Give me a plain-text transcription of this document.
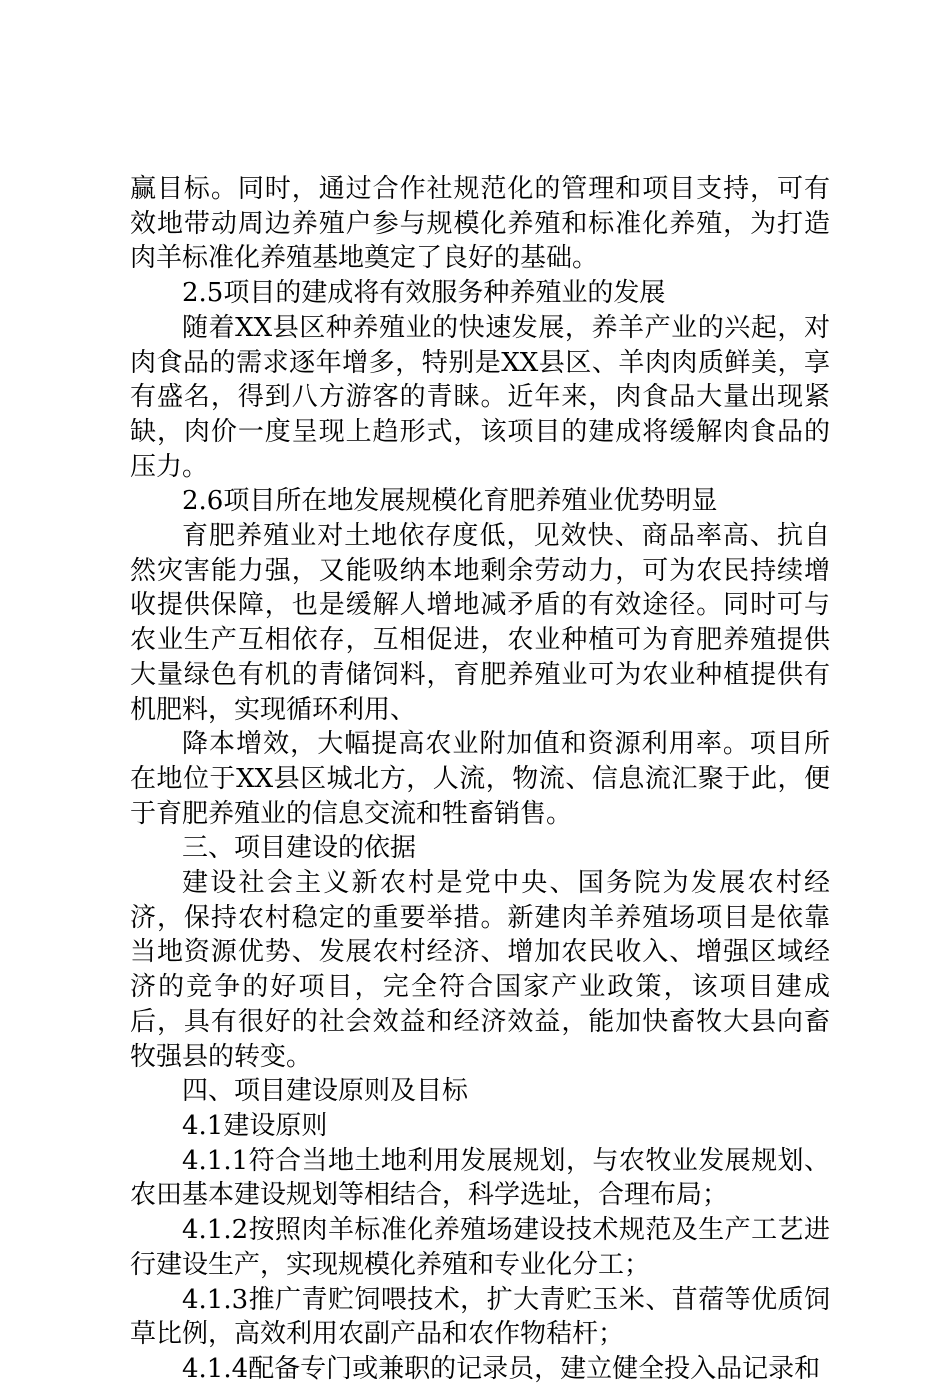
赢目标。同时，通过合作社规范化的管理和项目支持，可有效地带动周边养殖户参与规模化养殖和标准化养殖，为打造肉羊标准化养殖基地奠定了良好的基础。

2.5项目的建成将有效服务种养殖业的发展

随着XX县区种养殖业的快速发展，养羊产业的兴起，对肉食品的需求逐年增多，特别是XX县区、羊肉肉质鲜美，享有盛名，得到八方游客的青睐。近年来，肉食品大量出现紧缺，肉价一度呈现上趋形式，该项目的建成将缓解肉食品的压力。

2.6项目所在地发展规模化育肥养殖业优势明显

育肥养殖业对土地依存度低，见效快、商品率高、抗自然灾害能力强，又能吸纳本地剩余劳动力，可为农民持续增收提供保障，也是缓解人增地减矛盾的有效途径。同时可与农业生产互相依存，互相促进，农业种植可为育肥养殖提供大量绿色有机的青储饲料，育肥养殖业可为农业种植提供有机肥料，实现循环利用、

降本增效，大幅提高农业附加值和资源利用率。项目所在地位于XX县区城北方，人流，物流、信息流汇聚于此，便于育肥养殖业的信息交流和牲畜销售。

三、项目建设的依据

建设社会主义新农村是党中央、国务院为发展农村经济，保持农村稳定的重要举措。新建肉羊养殖场项目是依靠当地资源优势、发展农村经济、增加农民收入、增强区域经济的竞争的好项目，完全符合国家产业政策，该项目建成后，具有很好的社会效益和经济效益，能加快畜牧大县向畜牧强县的转变。

四、项目建设原则及目标

4.1建设原则

4.1.1符合当地土地利用发展规划，与农牧业发展规划、农田基本建设规划等相结合，科学选址，合理布局；

4.1.2按照肉羊标准化养殖场建设技术规范及生产工艺进行建设生产，实现规模化养殖和专业化分工；

4.1.3推广青贮饲喂技术，扩大青贮玉米、苜蓿等优质饲草比例，高效利用农副产品和农作物秸杆；

4.1.4配备专门或兼职的记录员，建立健全投入品记录和
